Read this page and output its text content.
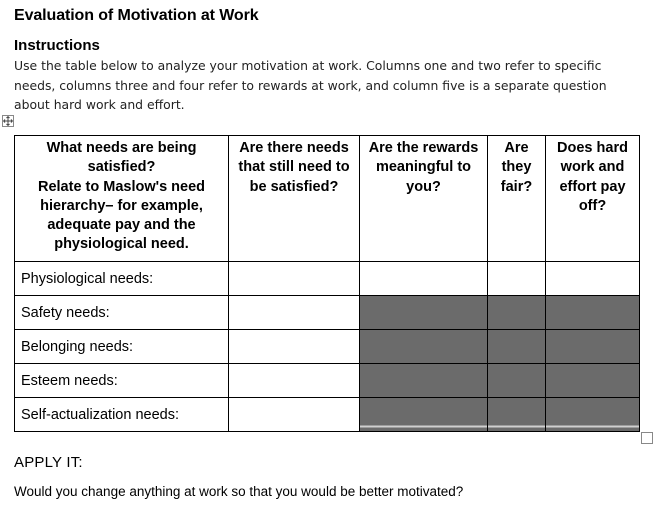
Evaluation of Motivation at Work
Instructions
Use the table below to analyze your motivation at work. Columns one and two refer to specific needs, columns three and four refer to rewards at work, and column five is a separate question about hard work and effort.
What needs are being satisfied?
Relate to Maslow's need hierarchy– for example, adequate pay and the physiological need.	Are there needs that still need to be satisfied?	Are the rewards meaningful to you?	Are they fair?	Does hard work and effort pay off?
Physiological needs:				
Safety needs:				
Belonging needs:				
Esteem needs:				
Self-actualization needs:				
APPLY IT:
Would you change anything at work so that you would be better motivated?
